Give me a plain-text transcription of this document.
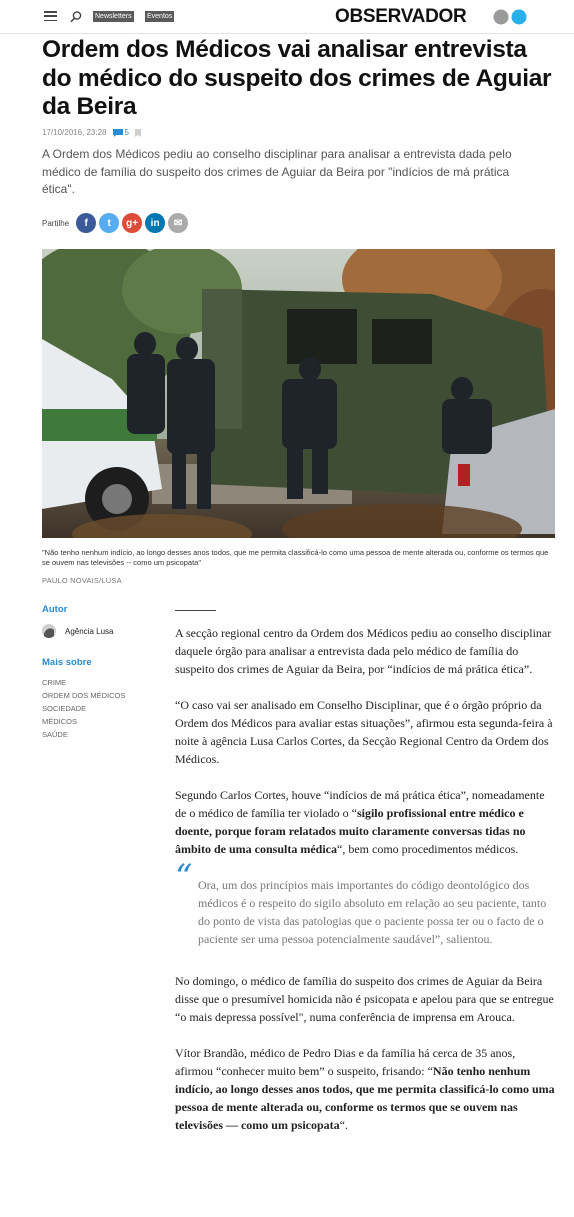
Newsletters Eventos	OBSERVADOR
Ordem dos Médicos vai analisar entrevista do médico do suspeito dos crimes de Aguiar da Beira
17/10/2016, 23:28 5

A Ordem dos Médicos pediu ao conselho disciplinar para analisar a entrevista dada pelo médico de família do suspeito dos crimes de Aguiar da Beira por "indícios de má prática ética".

Partilhe	f	t	g+	in	✉

"Não tenho nenhum indício, ao longo desses anos todos, que me permita classificá-lo como uma pessoa de mente alterada ou, conforme os termos que se ouvem nas televisões -- como um psicopata"

PAULO NOVAIS/LUSA
Autor
Agência Lusa
Mais sobre
CRIME
ORDEM DOS MÉDICOS
SOCIEDADE
MÉDICOS
SAÚDE

A secção regional centro da Ordem dos Médicos pediu ao conselho disciplinar daquele órgão para analisar a entrevista dada pelo médico de família do suspeito dos crimes de Aguiar da Beira, por “indícios de má prática ética”.

“O caso vai ser analisado em Conselho Disciplinar, que é o órgão próprio da Ordem dos Médicos para avaliar estas situações”, afirmou esta segunda-feira à noite à agência Lusa Carlos Cortes, da Secção Regional Centro da Ordem dos Médicos.

Segundo Carlos Cortes, houve “indícios de má prática ética”, nomeadamente de o médico de família ter violado o “sigilo profissional entre médico e doente, porque foram relatados muito claramente conversas tidas no âmbito de uma consulta médica“, bem como procedimentos médicos.

“ Ora, um dos princípios mais importantes do código deontológico dos médicos é o respeito do sigilo absoluto em relação ao seu paciente, tanto do ponto de vista das patologias que o paciente possa ter ou o facto de o paciente ser uma pessoa potencialmente saudável”, salientou.

No domingo, o médico de família do suspeito dos crimes de Aguiar da Beira disse que o presumível homicida não é psicopata e apelou para que se entregue “o mais depressa possível", numa conferência de imprensa em Arouca.

Vítor Brandão, médico de Pedro Dias e da família há cerca de 35 anos, afirmou “conhecer muito bem” o suspeito, frisando: “Não tenho nenhum indício, ao longo desses anos todos, que me permita classificá-lo como uma pessoa de mente alterada ou, conforme os termos que se ouvem nas televisões — como um psicopata“.
